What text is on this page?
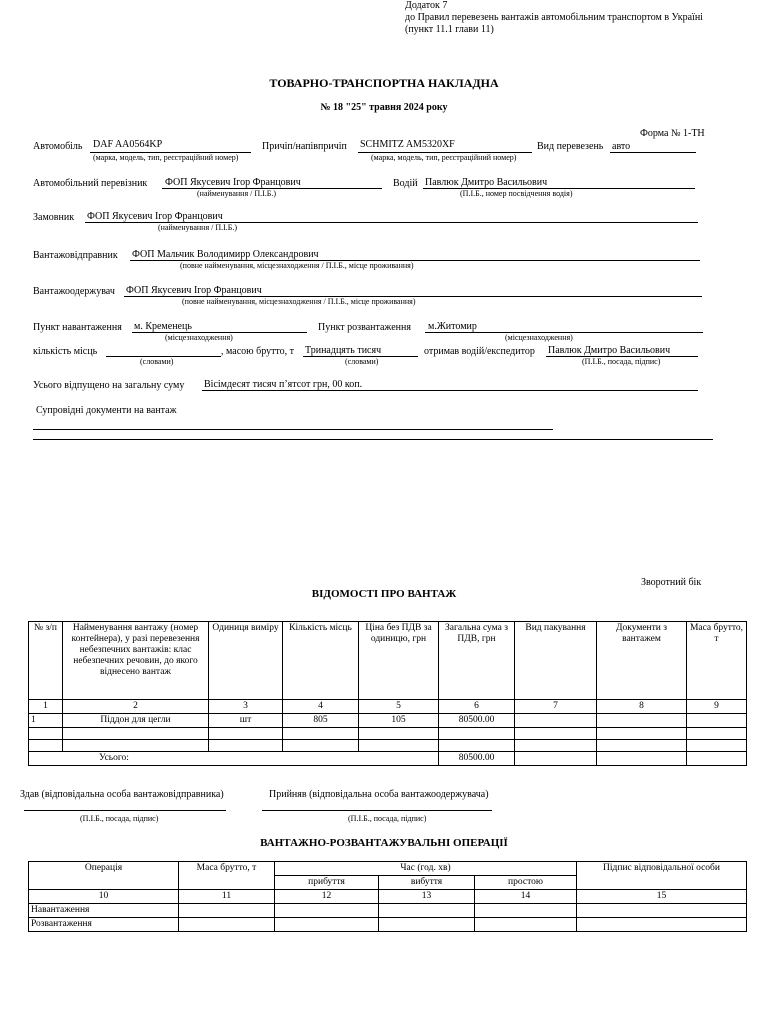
Додаток 7
до Правил перевезень вантажів автомобільним транспортом в Україні
(пункт 11.1 глави 11)
ТОВАРНО-ТРАНСПОРТНА НАКЛАДНА
№ 18 "25" травня 2024 року
Форма № 1-ТН
Автомобіль DAF AA0564KP
(марка, модель, тип, реєстраційний номер)
Причіп/напівпричіп SCHMITZ AM5320XF
(марка, модель, тип, реєстраційний номер)
Вид перевезень авто
Автомобільний перевізник ФОП Якусевич Ігор Францович
(найменування / П.І.Б.)
Водій Павлюк Дмитро Васильович
(П.І.Б., номер посвідчення водія)
Замовник ФОП Якусевич Ігор Францович
(найменування / П.І.Б.)
Вантажовідправник ФОП Мальчик Володимирр Олександрович
(повне найменування, місцезнаходження / П.І.Б., місце проживання)
Вантажоодержувач ФОП Якусевич Ігор Францович
(повне найменування, місцезнаходження / П.І.Б., місце проживання)
Пункт навантаження м. Кременець
(місцезнаходження)
Пункт розвантаження м.Житомир
(місцезнаходження)
кількість місць
(словами)
, масою брутто, т Тринадцять тисяч
(словами)
отримав водій/експедитор Павлюк Дмитро Васильович
(П.І.Б., посада, підпис)
Усього відпущено на загальну суму Вісімдесят тисяч п’ятсот грн, 00 коп.
Супровідні документи на вантаж
Зворотний бік
ВІДОМОСТІ ПРО ВАНТАЖ
№ з/п	Найменування вантажу (номер контейнера), у разі перевезення небезпечних вантажів: клас небезпечних речовин, до якого віднесено вантаж	Одиниця виміру	Кількість місць	Ціна без ПДВ за одиницю, грн	Загальна сума з ПДВ, грн	Вид пакування	Документи з вантажем	Маса брутто, т
1	2	3	4	5	6	7	8	9
1	Піддон для цегли	шт	805	105	80500.00			

Усього:					80500.00			
Здав (відповідальна особа вантажовідправника)	Прийняв (відповідальна особа вантажоодержувача)
(П.І.Б., посада, підпис)	(П.І.Б., посада, підпис)
ВАНТАЖНО-РОЗВАНТАЖУВАЛЬНІ ОПЕРАЦІЇ
Операція	Маса брутто, т	Час (год. хв)			Підпис відповідальної особи
		прибуття	вибуття	простою	
10	11	12	13	14	15
Навантаження					
Розвантаження					
